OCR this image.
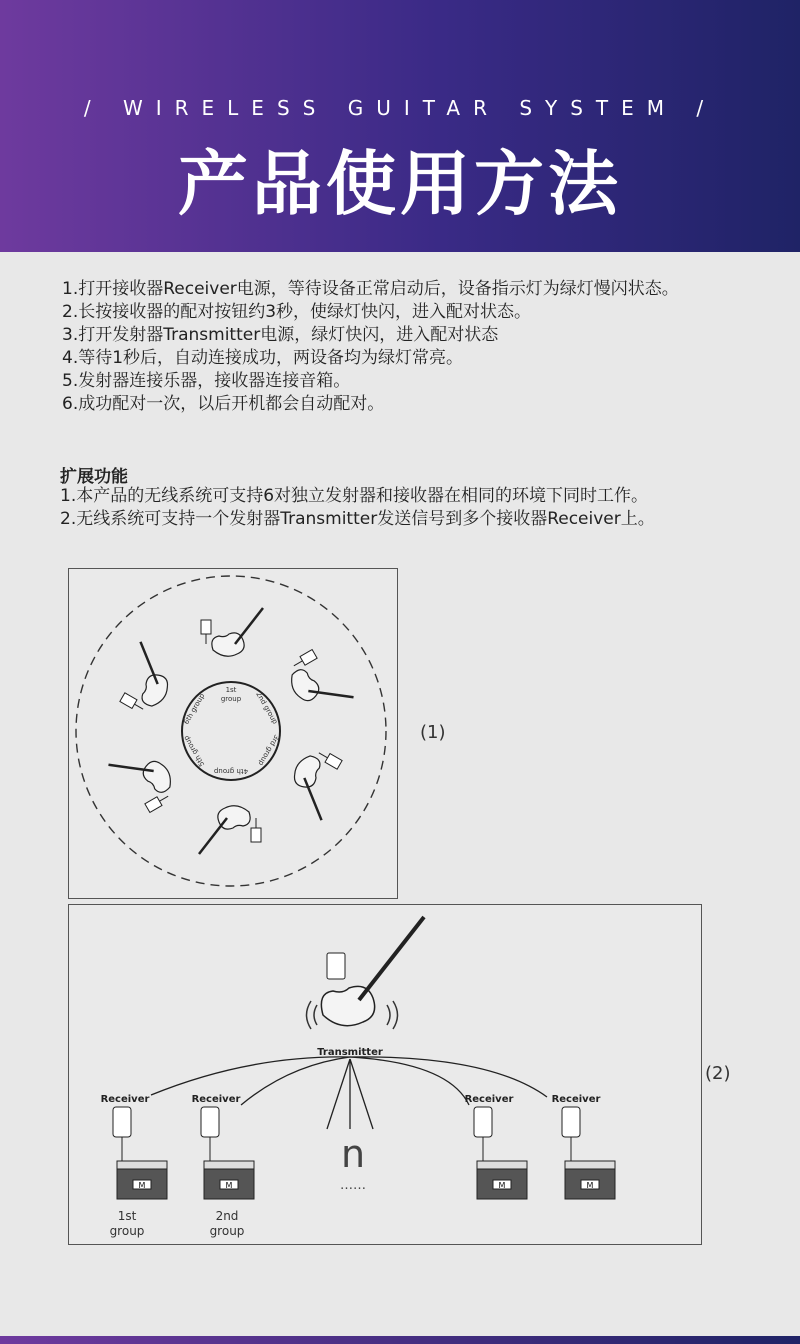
/ WIRELESS GUITAR SYSTEM /
产品使用方法
1.打开接收器Receiver电源，等待设备正常启动后，设备指示灯为绿灯慢闪状态。
2.长按接收器的配对按钮约3秒，使绿灯快闪，进入配对状态。
3.打开发射器Transmitter电源，绿灯快闪，进入配对状态
4.等待1秒后，自动连接成功，两设备均为绿灯常亮。
5.发射器连接乐器，接收器连接音箱。
6.成功配对一次，以后开机都会自动配对。
扩展功能
1.本产品的无线系统可支持6对独立发射器和接收器在相同的环境下同时工作。
2.无线系统可支持一个发射器Transmitter发送信号到多个接收器Receiver上。
1st
group 2nd group
3rd group
4th group
5th group
6th group
(1)
Transmitter
n
……
Receiver	Receiver	Receiver	Receiver
M	M	M	M
1st
group
2nd
group
(2)
